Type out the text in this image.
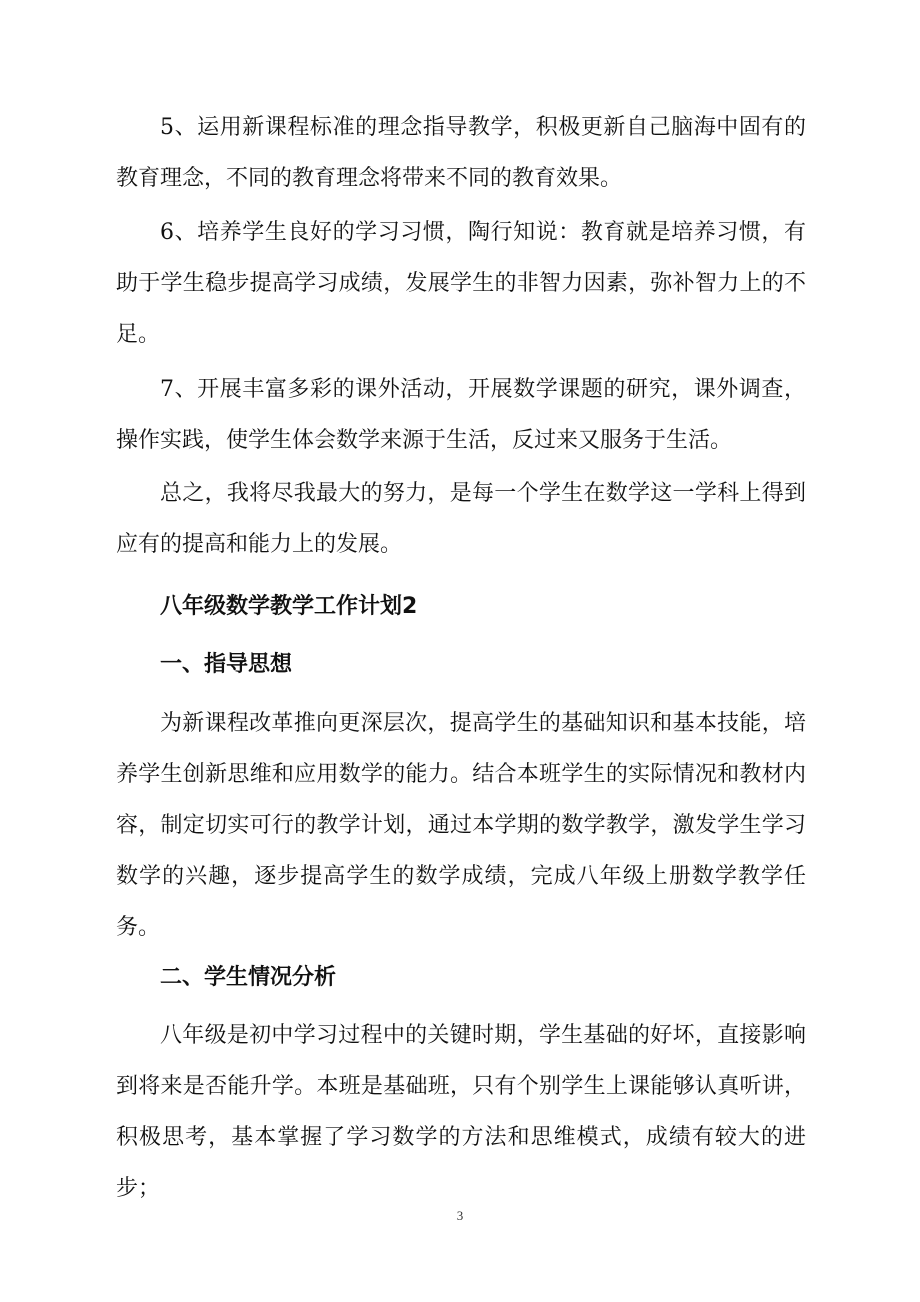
5、运用新课程标准的理念指导教学，积极更新自己脑海中固有的教育理念，不同的教育理念将带来不同的教育效果。

6、培养学生良好的学习习惯，陶行知说：教育就是培养习惯，有助于学生稳步提高学习成绩，发展学生的非智力因素，弥补智力上的不足。

7、开展丰富多彩的课外活动，开展数学课题的研究，课外调查，操作实践，使学生体会数学来源于生活，反过来又服务于生活。

总之，我将尽我最大的努力，是每一个学生在数学这一学科上得到应有的提高和能力上的发展。

八年级数学教学工作计划2
一、指导思想

为新课程改革推向更深层次，提高学生的基础知识和基本技能，培养学生创新思维和应用数学的能力。结合本班学生的实际情况和教材内容，制定切实可行的教学计划，通过本学期的数学教学，激发学生学习数学的兴趣，逐步提高学生的数学成绩，完成八年级上册数学教学任务。

二、学生情况分析

八年级是初中学习过程中的关键时期，学生基础的好坏，直接影响到将来是否能升学。本班是基础班，只有个别学生上课能够认真听讲，积极思考，基本掌握了学习数学的方法和思维模式，成绩有较大的进步；

3
